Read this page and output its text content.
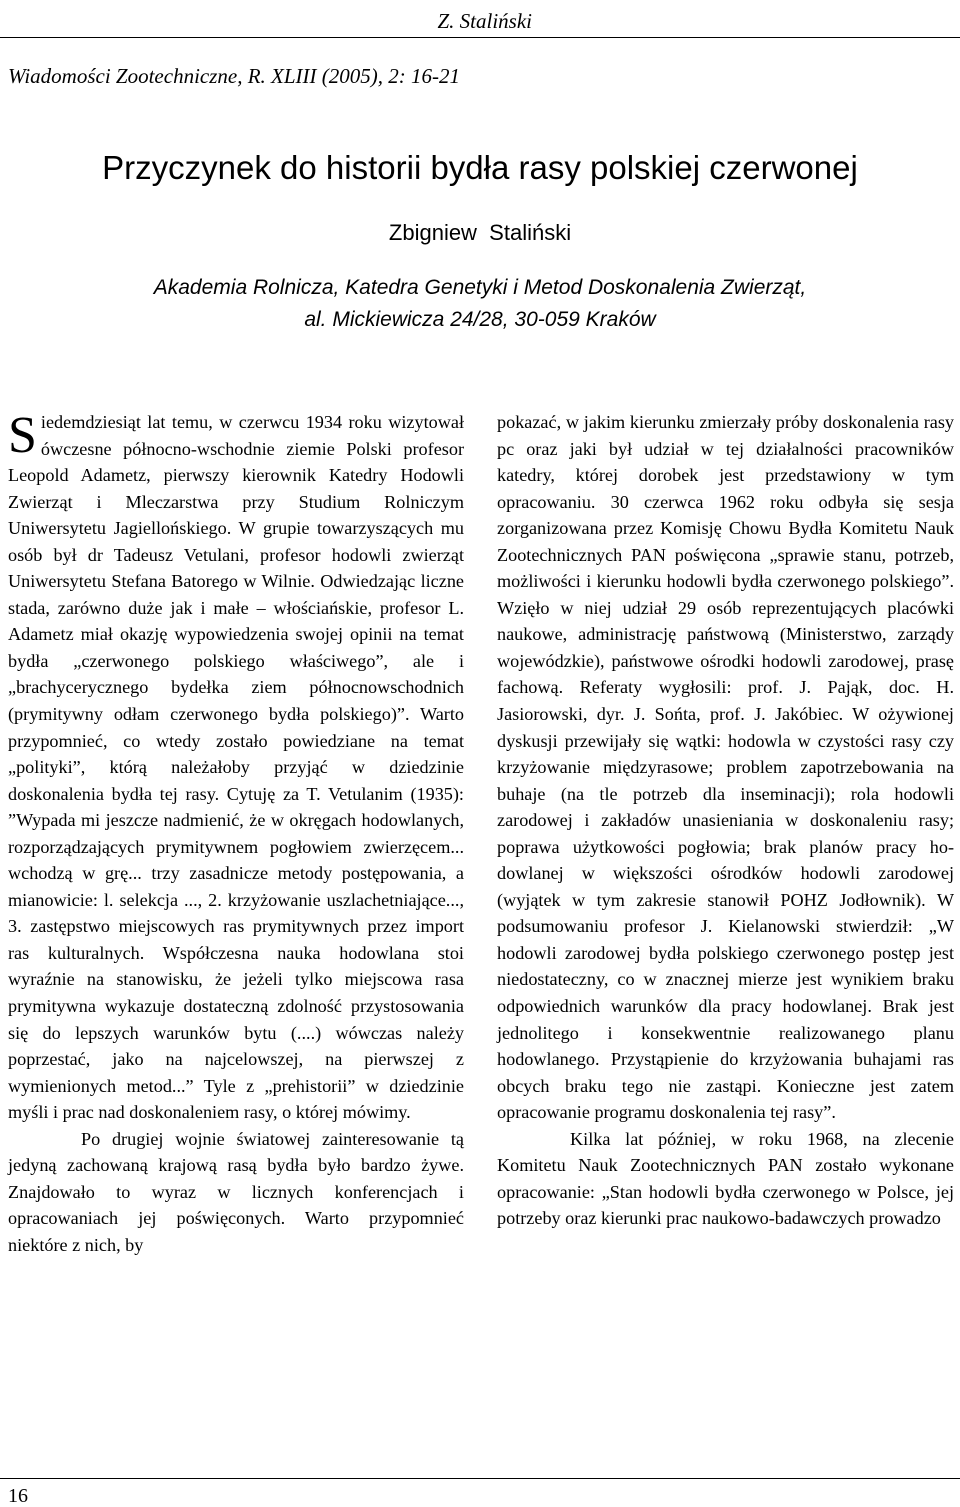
Z. Staliński
Wiadomości Zootechniczne, R. XLIII (2005), 2: 16-21
Przyczynek do historii bydła rasy polskiej czerwonej
Zbigniew  Staliński
Akademia Rolnicza, Katedra Genetyki i Metod Doskonalenia Zwierząt,
al. Mickiewicza 24/28, 30-059 Kraków

Siedemdziesiąt lat temu, w czerwcu 1934 roku wizytował ówczesne północno-wschodnie ziemie Polski profesor Leopold Adametz, pierwszy kierownik Katedry Hodowli Zwierząt i Mleczarstwa przy Studium Rolniczym Uniwersytetu Jagiellońskiego. W grupie towarzyszących mu osób był dr Tadeusz Vetulani, profesor hodowli zwierząt Uniwersytetu Stefana Batorego w Wilnie. Odwiedzając liczne stada, zarówno duże jak i małe – włościańskie, profesor L. Adametz miał okazję wypowiedzenia swojej opinii na temat bydła „czerwonego polskiego właściwego”, ale i „brachycerycznego bydełka ziem północnowschodnich (prymitywny odłam czerwonego bydła polskiego)”. Warto przypomnieć, co wtedy zostało powiedziane na temat „polityki”, którą należałoby przyjąć w dziedzinie doskonalenia bydła tej rasy. Cytuję za T. Vetulanim (1935): ”Wypada mi jeszcze nadmienić, że w okręgach hodowlanych, rozporządzających prymitywnem pogłowiem zwierzęcem... wchodzą w grę... trzy zasadnicze metody postępowania, a mianowicie: l. selekcja ..., 2. krzyżowanie uszlachetniające..., 3. zastępstwo miejscowych ras prymitywnych przez import ras kulturalnych. Współczesna nauka hodowlana stoi wyraźnie na stanowisku, że jeżeli tylko miejscowa rasa prymitywna wykazuje dostateczną zdolność przystosowania się do lepszych warunków bytu (....) wówczas należy poprzestać, jako na najcelowszej, na pierwszej z wymienionych metod...” Tyle z „prehistorii” w dziedzinie myśli i prac nad doskonaleniem rasy, o której mówimy.

Po drugiej wojnie światowej zainteresowanie tą jedyną zachowaną krajową rasą bydła było bardzo żywe. Znajdowało to wyraz w licznych konferencjach i opracowaniach jej poświęconych. Warto przypomnieć niektóre z nich, by

pokazać, w jakim kierunku zmierzały próby doskonalenia rasy pc oraz jaki był udział w tej działalności pracowników katedry, której dorobek jest przedstawiony w tym opracowaniu. 30 czerwca 1962 roku odbyła się sesja zorganizowana przez Komisję Chowu Bydła Komitetu Nauk Zootechnicznych PAN poświęcona „sprawie stanu, potrzeb, możliwości i kierunku hodowli bydła czerwonego polskiego”. Wzięło w niej udział 29 osób reprezentujących placówki naukowe, administrację państwową (Ministerstwo, zarządy wojewódzkie), państwowe ośrodki hodowli zarodowej, prasę fachową. Referaty wygłosili: prof. J. Pająk, doc. H. Jasiorowski, dyr. J. Sońta, prof. J. Jakóbiec. W ożywionej dyskusji przewijały się wątki: hodowla w czystości rasy czy krzyżowanie międzyrasowe; problem zapotrzebowania na buhaje (na tle potrzeb dla inseminacji); rola hodowli zarodowej i zakładów unasieniania w doskonaleniu rasy; poprawa użytkowości pogłowia; brak planów pracy hodowlanej w większości ośrodków hodowli zarodowej (wyjątek w tym zakresie stanowił POHZ Jodłownik). W podsumowaniu profesor J. Kielanowski stwierdził: „W hodowli zarodowej bydła polskiego czerwonego postęp jest niedostateczny, co w znacznej mierze jest wynikiem braku odpowiednich warunków dla pracy hodowlanej. Brak jest jednolitego i konsekwentnie realizowanego planu hodowlanego. Przystąpienie do krzyżowania buhajami ras obcych braku tego nie zastąpi. Konieczne jest zatem opracowanie programu doskonalenia tej rasy”.

Kilka lat później, w roku 1968, na zlecenie Komitetu Nauk Zootechnicznych PAN zostało wykonane opracowanie: „Stan hodowli bydła czerwonego w Polsce, jej potrzeby oraz kierunki prac naukowo-badawczych prowadzo

16
